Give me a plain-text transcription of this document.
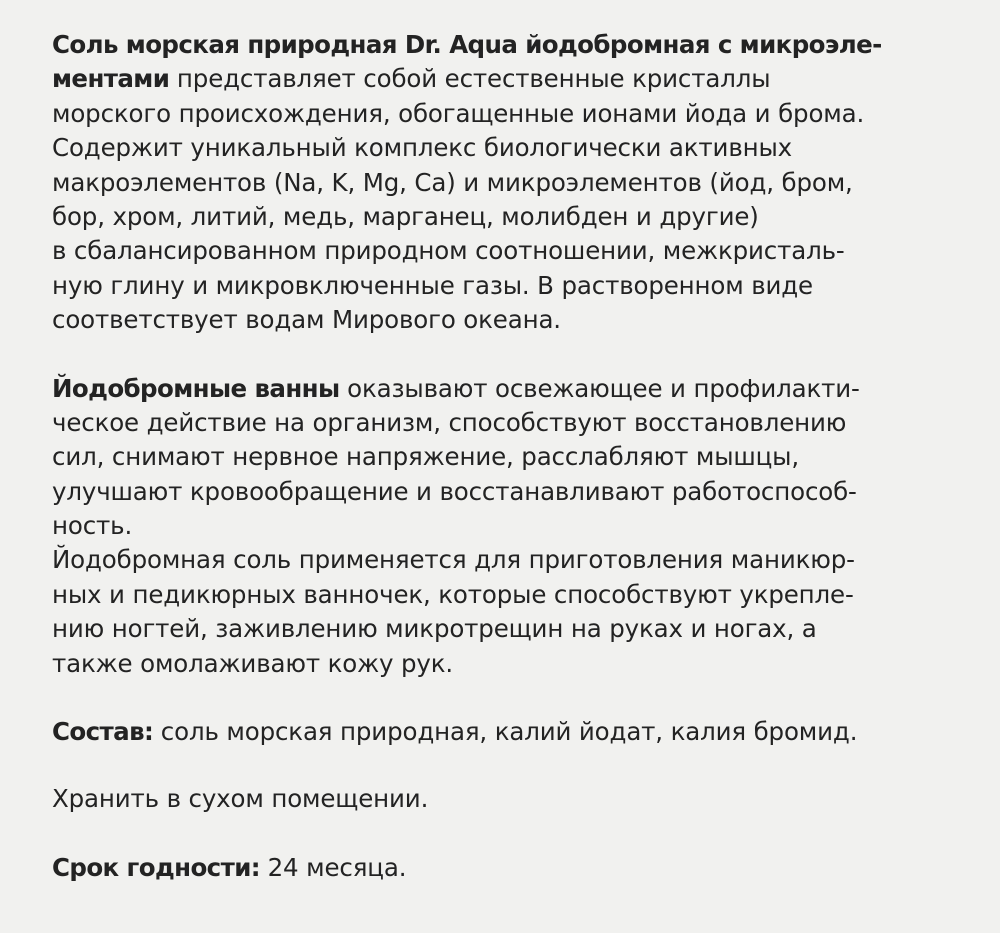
Соль морская природная Dr. Aqua йодобромная с микроэле-
ментами представляет собой естественные кристаллы
морского происхождения, обогащенные ионами йода и брома.
Содержит уникальный комплекс биологически активных
макроэлементов (Na, K, Mg, Ca) и микроэлементов (йод, бром,
бор, хром, литий, медь, марганец, молибден и другие)
в сбалансированном природном соотношении, межкристаль-
ную глину и микровключенные газы. В растворенном виде
соответствует водам Мирового океана.
Йодобромные ванны оказывают освежающее и профилакти-
ческое действие на организм, способствуют восстановлению
сил, снимают нервное напряжение, расслабляют мышцы,
улучшают кровообращение и восстанавливают работоспособ-
ность.
Йодобромная соль применяется для приготовления маникюр-
ных и педикюрных ванночек, которые способствуют укрепле-
нию ногтей, заживлению микротрещин на руках и ногах, а
также омолаживают кожу рук.
Состав: соль морская природная, калий йодат, калия бромид.
Хранить в сухом помещении.
Срок годности: 24 месяца.
